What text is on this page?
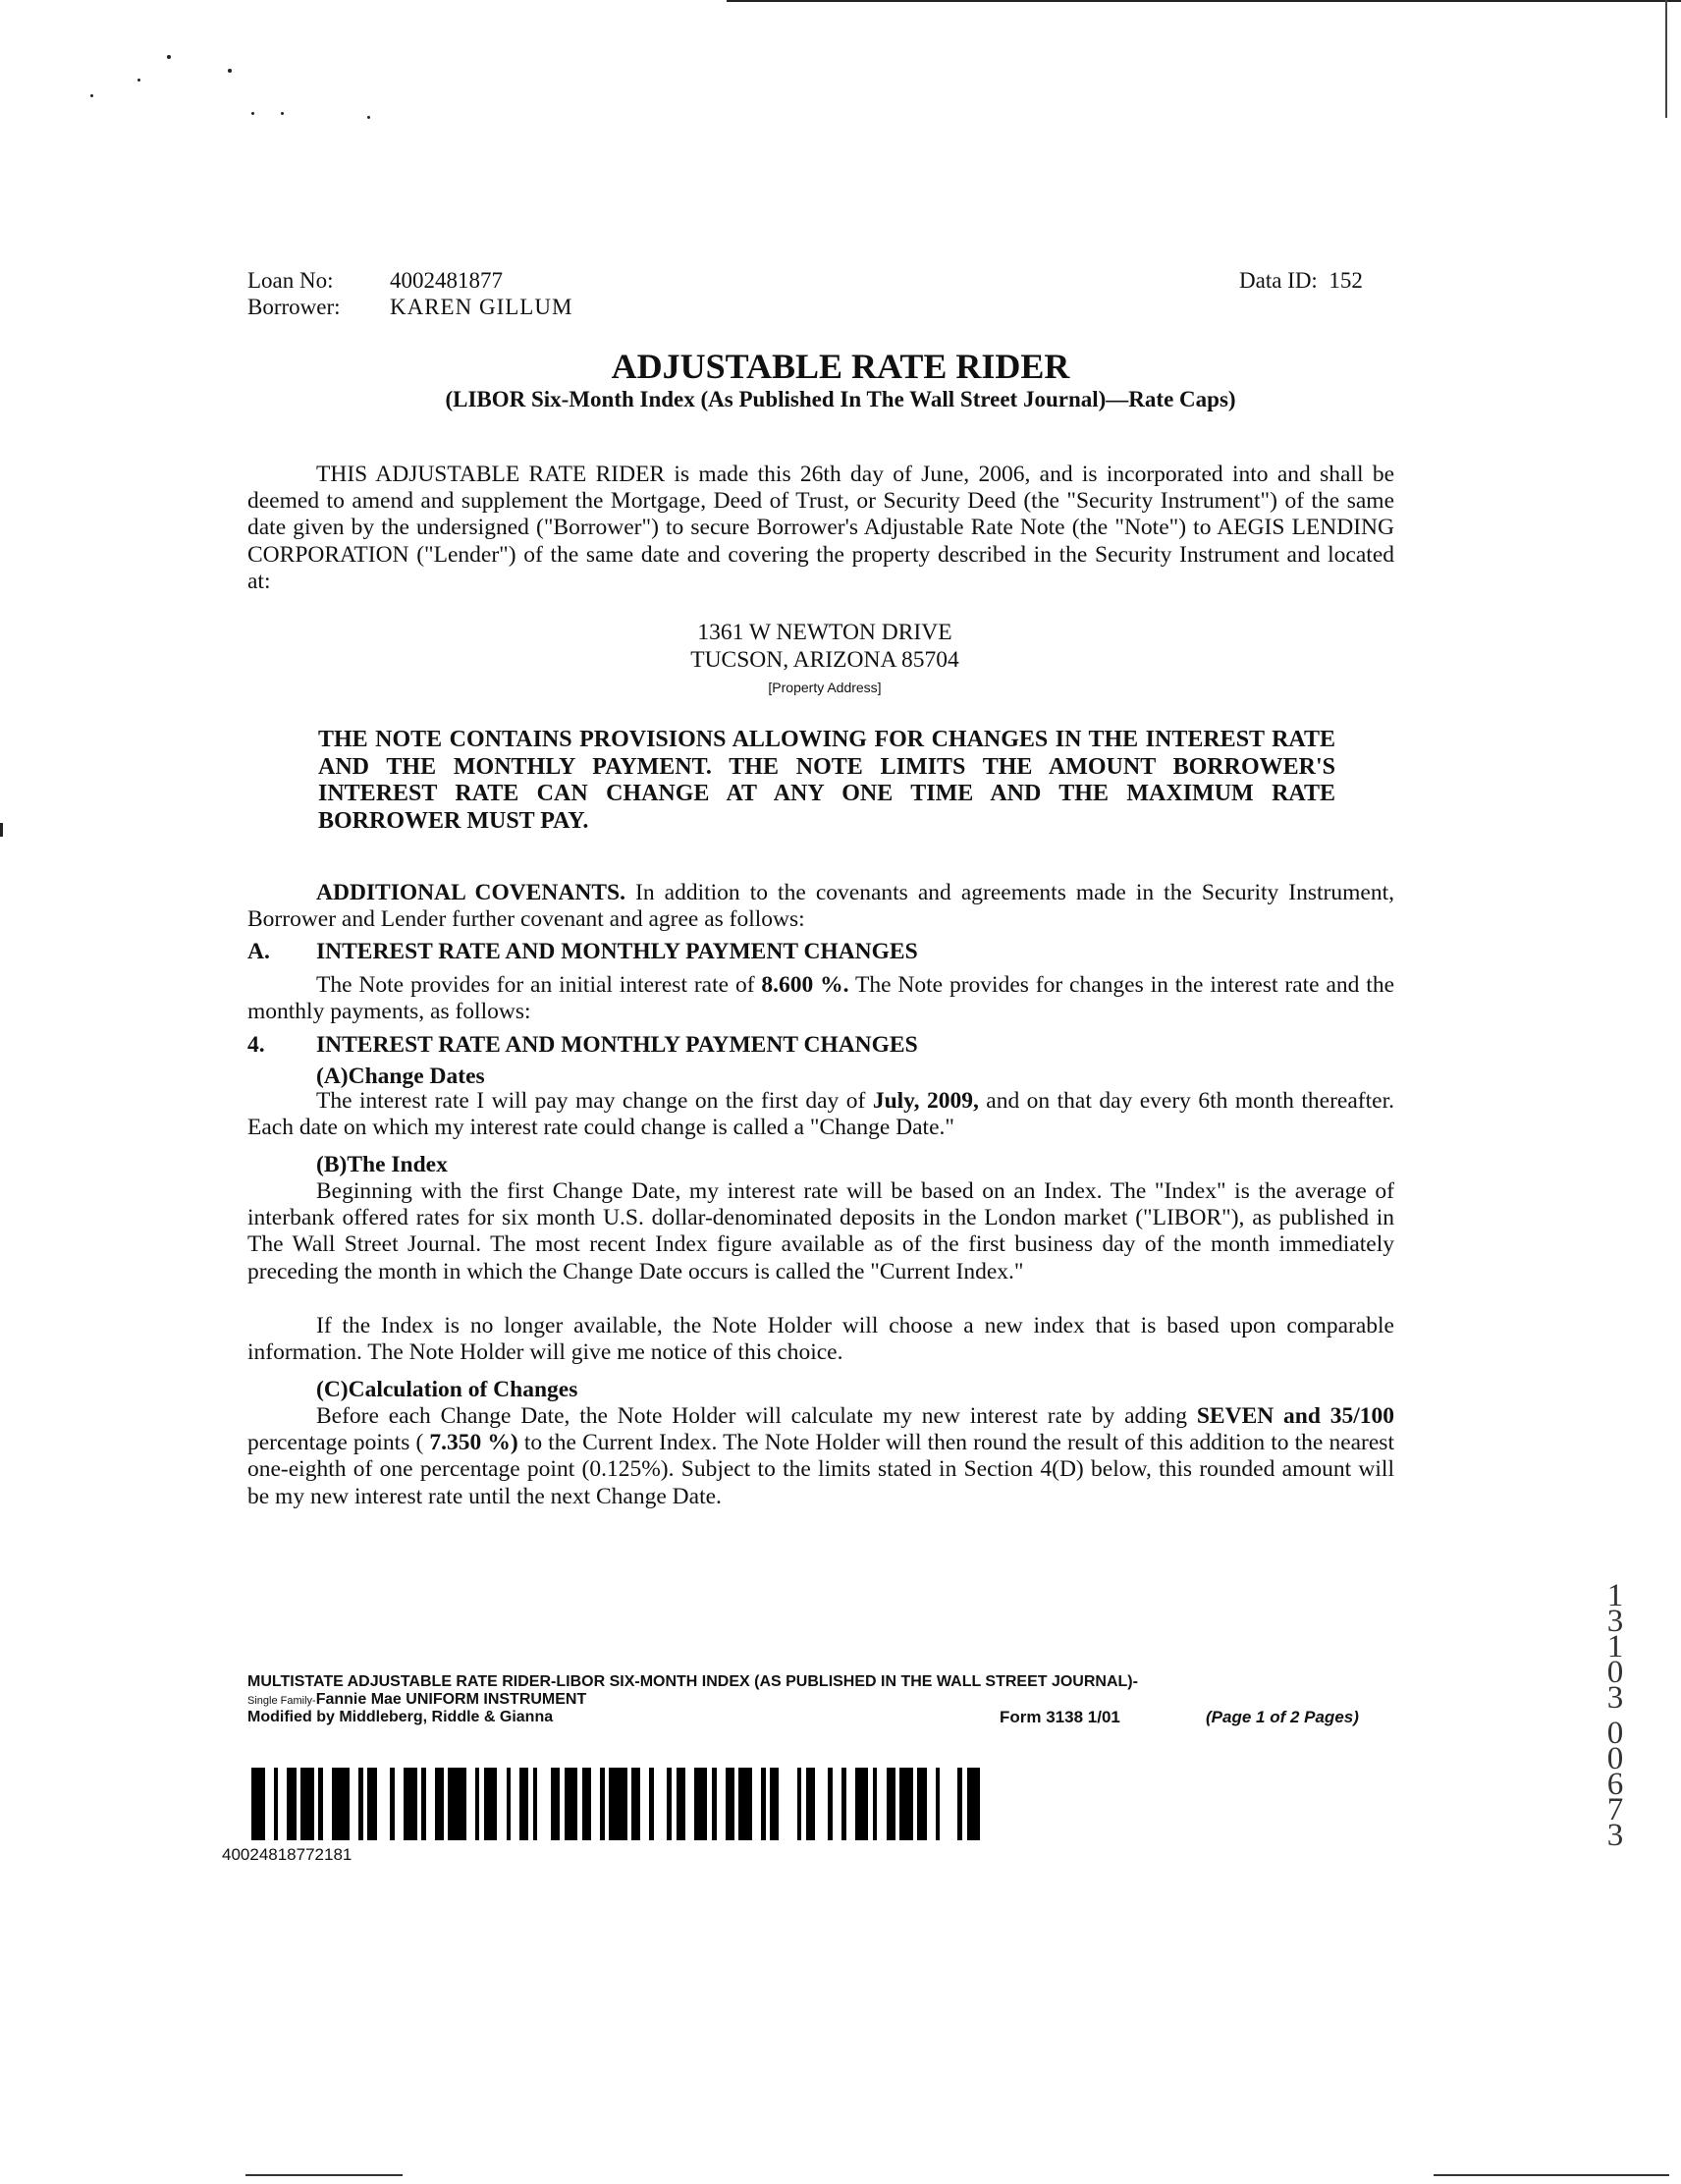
Loan No: 4002481877
Borrower: KAREN GILLUM
Data ID: 152
ADJUSTABLE RATE RIDER
(LIBOR Six-Month Index (As Published In The Wall Street Journal)—Rate Caps)
THIS ADJUSTABLE RATE RIDER is made this 26th day of June, 2006, and is incorporated into and shall be deemed to amend and supplement the Mortgage, Deed of Trust, or Security Deed (the "Security Instrument") of the same date given by the undersigned ("Borrower") to secure Borrower's Adjustable Rate Note (the "Note") to AEGIS LENDING CORPORATION ("Lender") of the same date and covering the property described in the Security Instrument and located at:
1361 W NEWTON DRIVE
TUCSON, ARIZONA 85704
[Property Address]
THE NOTE CONTAINS PROVISIONS ALLOWING FOR CHANGES IN THE INTEREST RATE AND THE MONTHLY PAYMENT. THE NOTE LIMITS THE AMOUNT BORROWER'S INTEREST RATE CAN CHANGE AT ANY ONE TIME AND THE MAXIMUM RATE BORROWER MUST PAY.
ADDITIONAL COVENANTS. In addition to the covenants and agreements made in the Security Instrument, Borrower and Lender further covenant and agree as follows:
A. INTEREST RATE AND MONTHLY PAYMENT CHANGES
The Note provides for an initial interest rate of 8.600 %. The Note provides for changes in the interest rate and the monthly payments, as follows:
4. INTEREST RATE AND MONTHLY PAYMENT CHANGES
(A)Change Dates
The interest rate I will pay may change on the first day of July, 2009, and on that day every 6th month thereafter. Each date on which my interest rate could change is called a "Change Date."
(B)The Index
Beginning with the first Change Date, my interest rate will be based on an Index. The "Index" is the average of interbank offered rates for six month U.S. dollar-denominated deposits in the London market ("LIBOR"), as published in The Wall Street Journal. The most recent Index figure available as of the first business day of the month immediately preceding the month in which the Change Date occurs is called the "Current Index."
If the Index is no longer available, the Note Holder will choose a new index that is based upon comparable information. The Note Holder will give me notice of this choice.
(C)Calculation of Changes
Before each Change Date, the Note Holder will calculate my new interest rate by adding SEVEN and 35/100 percentage points ( 7.350 %) to the Current Index. The Note Holder will then round the result of this addition to the nearest one-eighth of one percentage point (0.125%). Subject to the limits stated in Section 4(D) below, this rounded amount will be my new interest rate until the next Change Date.
MULTISTATE ADJUSTABLE RATE RIDER-LIBOR SIX-MONTH INDEX (AS PUBLISHED IN THE WALL STREET JOURNAL)-
Single Family-Fannie Mae UNIFORM INSTRUMENT
Modified by Middleberg, Riddle & Gianna	Form 3138 1/01	(Page 1 of 2 Pages)
40024818772181
1
3
1
0
3
0
0
6
7
3
